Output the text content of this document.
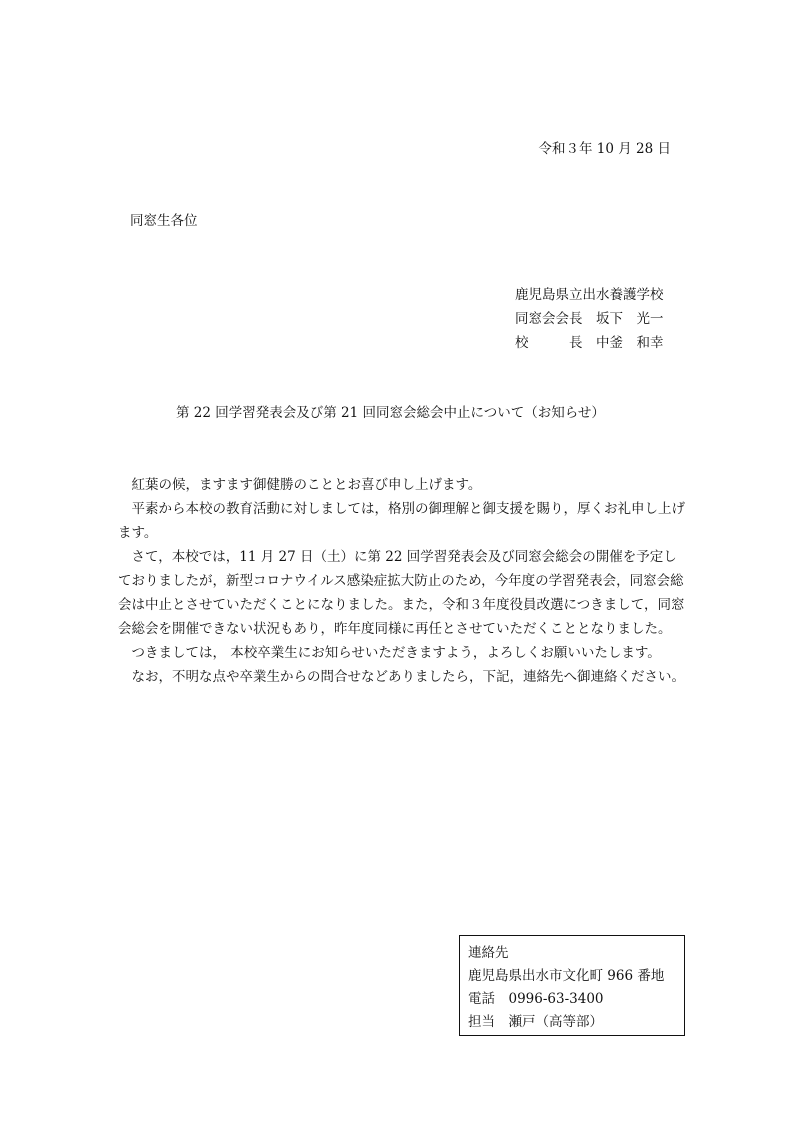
令和３年 10 月 28 日
同窓生各位
鹿児島県立出水養護学校
同窓会会長　坂下　光一
校　　　長　中釜　和幸
第 22 回学習発表会及び第 21 回同窓会総会中止について（お知らせ）

　紅葉の候，ますます御健勝のこととお喜び申し上げます。

　平素から本校の教育活動に対しましては，格別の御理解と御支援を賜り，厚くお礼申し上げます。

　さて，本校では，11 月 27 日（土）に第 22 回学習発表会及び同窓会総会の開催を予定しておりましたが，新型コロナウイルス感染症拡大防止のため，今年度の学習発表会，同窓会総会は中止とさせていただくことになりました。また，令和３年度役員改選につきまして，同窓会総会を開催できない状況もあり，昨年度同様に再任とさせていただくこととなりました。

　つきましては， 本校卒業生にお知らせいただきますよう，よろしくお願いいたします。

　なお，不明な点や卒業生からの問合せなどありましたら，下記，連絡先へ御連絡ください。

連絡先
鹿児島県出水市文化町 966 番地
電話　0996-63-3400
担当　瀬戸（高等部）
